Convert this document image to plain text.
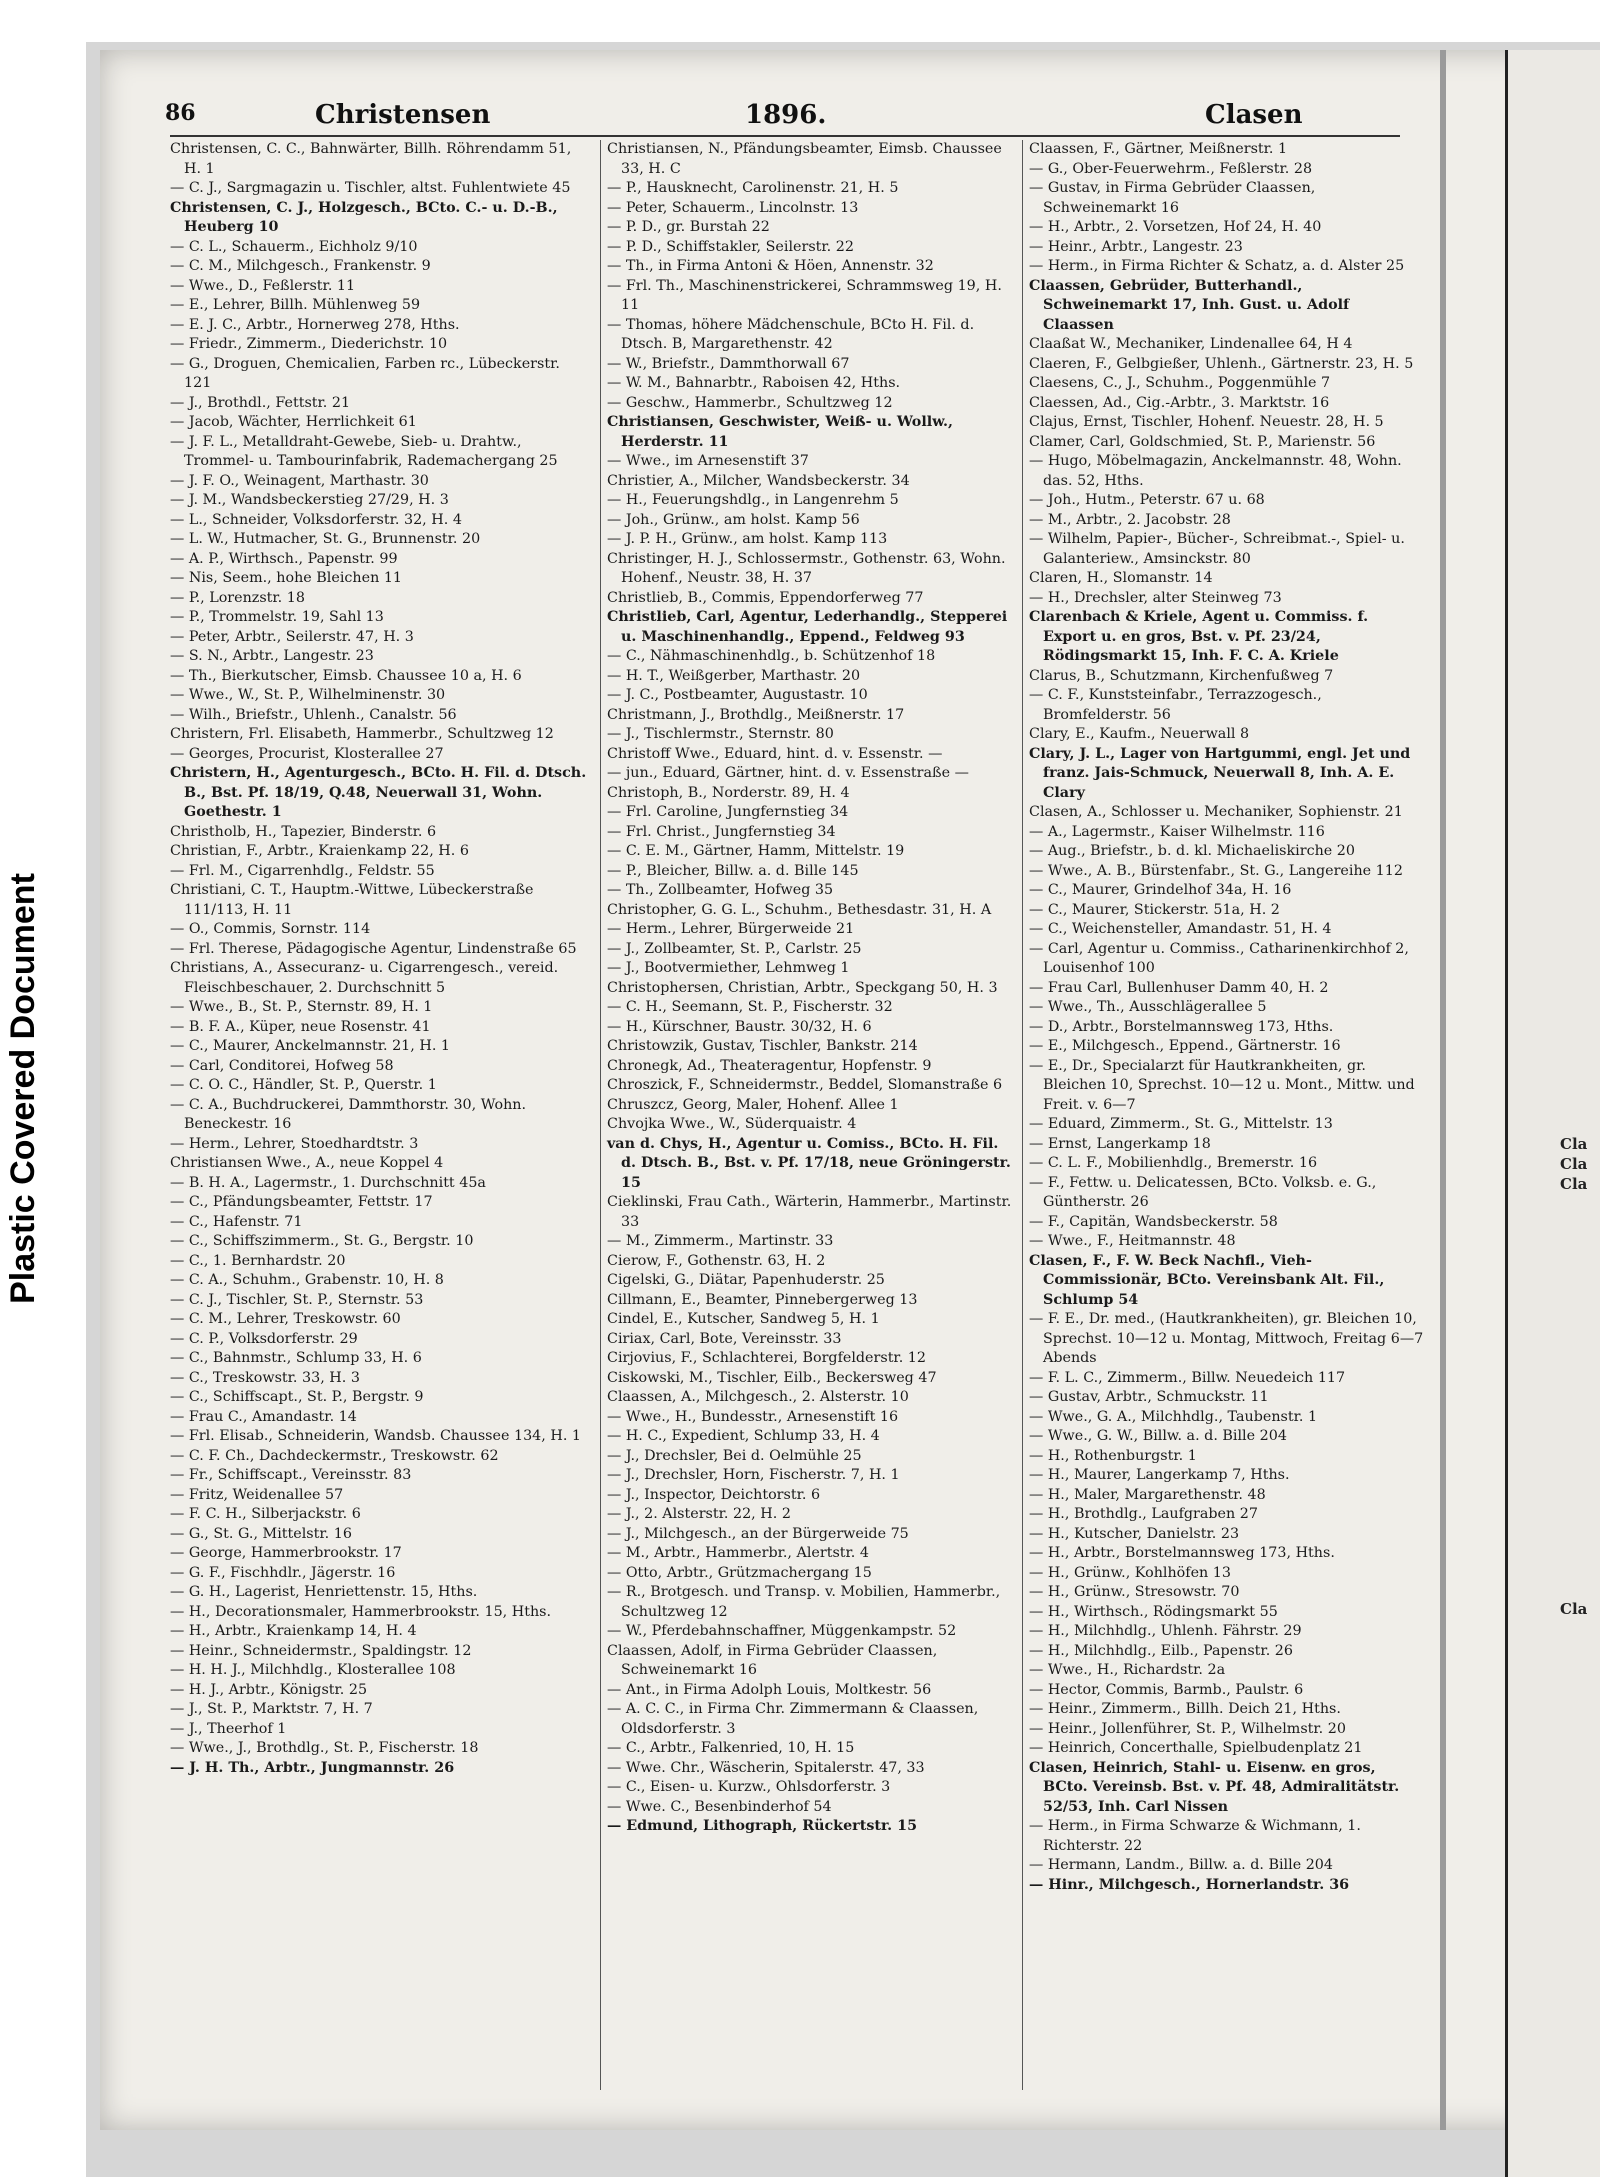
Plastic Covered Document	Cla
Cla
Cla
Cla
86	Christensen	1896.	Clasen
Christensen, C. C., Bahnwärter, Billh. Röhrendamm 51, H. 1
— C. J., Sargmagazin u. Tischler, altst. Fuhlentwiete 45
Christensen, C. J., Holzgesch., BCto. C.- u. D.-B., Heuberg 10
— C. L., Schauerm., Eichholz 9/10
— C. M., Milchgesch., Frankenstr. 9
— Wwe., D., Feßlerstr. 11
— E., Lehrer, Billh. Mühlenweg 59
— E. J. C., Arbtr., Hornerweg 278, Hths.
— Friedr., Zimmerm., Diederichstr. 10
— G., Droguen, Chemicalien, Farben rc., Lübeckerstr. 121
— J., Brothdl., Fettstr. 21
— Jacob, Wächter, Herrlichkeit 61
— J. F. L., Metalldraht-Gewebe, Sieb- u. Drahtw., Trommel- u. Tambourinfabrik, Rademachergang 25
— J. F. O., Weinagent, Marthastr. 30
— J. M., Wandsbeckerstieg 27/29, H. 3
— L., Schneider, Volksdorferstr. 32, H. 4
— L. W., Hutmacher, St. G., Brunnenstr. 20
— A. P., Wirthsch., Papenstr. 99
— Nis, Seem., hohe Bleichen 11
— P., Lorenzstr. 18
— P., Trommelstr. 19, Sahl 13
— Peter, Arbtr., Seilerstr. 47, H. 3
— S. N., Arbtr., Langestr. 23
— Th., Bierkutscher, Eimsb. Chaussee 10 a, H. 6
— Wwe., W., St. P., Wilhelminenstr. 30
— Wilh., Briefstr., Uhlenh., Canalstr. 56
Christern, Frl. Elisabeth, Hammerbr., Schultzweg 12
— Georges, Procurist, Klosterallee 27
Christern, H., Agenturgesch., BCto. H. Fil. d. Dtsch. B., Bst. Pf. 18/19, Q.48, Neuerwall 31, Wohn. Goethestr. 1
Christholb, H., Tapezier, Binderstr. 6
Christian, F., Arbtr., Kraienkamp 22, H. 6
— Frl. M., Cigarrenhdlg., Feldstr. 55
Christiani, C. T., Hauptm.-Wittwe, Lübeckerstraße 111/113, H. 11
— O., Commis, Sornstr. 114
— Frl. Therese, Pädagogische Agentur, Lindenstraße 65
Christians, A., Assecuranz- u. Cigarrengesch., vereid. Fleischbeschauer, 2. Durchschnitt 5
— Wwe., B., St. P., Sternstr. 89, H. 1
— B. F. A., Küper, neue Rosenstr. 41
— C., Maurer, Anckelmannstr. 21, H. 1
— Carl, Conditorei, Hofweg 58
— C. O. C., Händler, St. P., Querstr. 1
— C. A., Buchdruckerei, Dammthorstr. 30, Wohn. Beneckestr. 16
— Herm., Lehrer, Stoedhardtstr. 3
Christiansen Wwe., A., neue Koppel 4
— B. H. A., Lagermstr., 1. Durchschnitt 45a
— C., Pfändungsbeamter, Fettstr. 17
— C., Hafenstr. 71
— C., Schiffszimmerm., St. G., Bergstr. 10
— C., 1. Bernhardstr. 20
— C. A., Schuhm., Grabenstr. 10, H. 8
— C. J., Tischler, St. P., Sternstr. 53
— C. M., Lehrer, Treskowstr. 60
— C. P., Volksdorferstr. 29
— C., Bahnmstr., Schlump 33, H. 6
— C., Treskowstr. 33, H. 3
— C., Schiffscapt., St. P., Bergstr. 9
— Frau C., Amandastr. 14
— Frl. Elisab., Schneiderin, Wandsb. Chaussee 134, H. 1
— C. F. Ch., Dachdeckermstr., Treskowstr. 62
— Fr., Schiffscapt., Vereinsstr. 83
— Fritz, Weidenallee 57
— F. C. H., Silberjackstr. 6
— G., St. G., Mittelstr. 16
— George, Hammerbrookstr. 17
— G. F., Fischhdlr., Jägerstr. 16
— G. H., Lagerist, Henriettenstr. 15, Hths.
— H., Decorationsmaler, Hammerbrookstr. 15, Hths.
— H., Arbtr., Kraienkamp 14, H. 4
— Heinr., Schneidermstr., Spaldingstr. 12
— H. H. J., Milchhdlg., Klosterallee 108
— H. J., Arbtr., Königstr. 25
— J., St. P., Marktstr. 7, H. 7
— J., Theerhof 1
— Wwe., J., Brothdlg., St. P., Fischerstr. 18
— J. H. Th., Arbtr., Jungmannstr. 26
Christiansen, N., Pfändungsbeamter, Eimsb. Chaussee 33, H. C
— P., Hausknecht, Carolinenstr. 21, H. 5
— Peter, Schauerm., Lincolnstr. 13
— P. D., gr. Burstah 22
— P. D., Schiffstakler, Seilerstr. 22
— Th., in Firma Antoni & Höen, Annenstr. 32
— Frl. Th., Maschinenstrickerei, Schrammsweg 19, H. 11
— Thomas, höhere Mädchenschule, BCto H. Fil. d. Dtsch. B, Margarethenstr. 42
— W., Briefstr., Dammthorwall 67
— W. M., Bahnarbtr., Raboisen 42, Hths.
— Geschw., Hammerbr., Schultzweg 12
Christiansen, Geschwister, Weiß- u. Wollw., Herderstr. 11
— Wwe., im Arnesenstift 37
Christier, A., Milcher, Wandsbeckerstr. 34
— H., Feuerungshdlg., in Langenrehm 5
— Joh., Grünw., am holst. Kamp 56
— J. P. H., Grünw., am holst. Kamp 113
Christinger, H. J., Schlossermstr., Gothenstr. 63, Wohn. Hohenf., Neustr. 38, H. 37
Christlieb, B., Commis, Eppendorferweg 77
Christlieb, Carl, Agentur, Lederhandlg., Stepperei u. Maschinenhandlg., Eppend., Feldweg 93
— C., Nähmaschinenhdlg., b. Schützenhof 18
— H. T., Weißgerber, Marthastr. 20
— J. C., Postbeamter, Augustastr. 10
Christmann, J., Brothdlg., Meißnerstr. 17
— J., Tischlermstr., Sternstr. 80
Christoff Wwe., Eduard, hint. d. v. Essenstr. —
— jun., Eduard, Gärtner, hint. d. v. Essenstraße —
Christoph, B., Norderstr. 89, H. 4
— Frl. Caroline, Jungfernstieg 34
— Frl. Christ., Jungfernstieg 34
— C. E. M., Gärtner, Hamm, Mittelstr. 19
— P., Bleicher, Billw. a. d. Bille 145
— Th., Zollbeamter, Hofweg 35
Christopher, G. G. L., Schuhm., Bethesdastr. 31, H. A
— Herm., Lehrer, Bürgerweide 21
— J., Zollbeamter, St. P., Carlstr. 25
— J., Bootvermiether, Lehmweg 1
Christophersen, Christian, Arbtr., Speckgang 50, H. 3
— C. H., Seemann, St. P., Fischerstr. 32
— H., Kürschner, Baustr. 30/32, H. 6
Christowzik, Gustav, Tischler, Bankstr. 214
Chronegk, Ad., Theateragentur, Hopfenstr. 9
Chroszick, F., Schneidermstr., Beddel, Slomanstraße 6
Chruszcz, Georg, Maler, Hohenf. Allee 1
Chvojka Wwe., W., Süderquaistr. 4
van d. Chys, H., Agentur u. Comiss., BCto. H. Fil. d. Dtsch. B., Bst. v. Pf. 17/18, neue Gröningerstr. 15
Cieklinski, Frau Cath., Wärterin, Hammerbr., Martinstr. 33
— M., Zimmerm., Martinstr. 33
Cierow, F., Gothenstr. 63, H. 2
Cigelski, G., Diätar, Papenhuderstr. 25
Cillmann, E., Beamter, Pinnebergerweg 13
Cindel, E., Kutscher, Sandweg 5, H. 1
Ciriax, Carl, Bote, Vereinsstr. 33
Cirjovius, F., Schlachterei, Borgfelderstr. 12
Ciskowski, M., Tischler, Eilb., Beckersweg 47
Claassen, A., Milchgesch., 2. Alsterstr. 10
— Wwe., H., Bundesstr., Arnesenstift 16
— H. C., Expedient, Schlump 33, H. 4
— J., Drechsler, Bei d. Oelmühle 25
— J., Drechsler, Horn, Fischerstr. 7, H. 1
— J., Inspector, Deichtorstr. 6
— J., 2. Alsterstr. 22, H. 2
— J., Milchgesch., an der Bürgerweide 75
— M., Arbtr., Hammerbr., Alertstr. 4
— Otto, Arbtr., Grützmachergang 15
— R., Brotgesch. und Transp. v. Mobilien, Hammerbr., Schultzweg 12
— W., Pferdebahnschaffner, Müggenkampstr. 52
Claassen, Adolf, in Firma Gebrüder Claassen, Schweinemarkt 16
— Ant., in Firma Adolph Louis, Moltkestr. 56
— A. C. C., in Firma Chr. Zimmermann & Claassen, Oldsdorferstr. 3
— C., Arbtr., Falkenried, 10, H. 15
— Wwe. Chr., Wäscherin, Spitalerstr. 47, 33
— C., Eisen- u. Kurzw., Ohlsdorferstr. 3
— Wwe. C., Besenbinderhof 54
— Edmund, Lithograph, Rückertstr. 15
Claassen, F., Gärtner, Meißnerstr. 1
— G., Ober-Feuerwehrm., Feßlerstr. 28
— Gustav, in Firma Gebrüder Claassen, Schweinemarkt 16
— H., Arbtr., 2. Vorsetzen, Hof 24, H. 40
— Heinr., Arbtr., Langestr. 23
— Herm., in Firma Richter & Schatz, a. d. Alster 25
Claassen, Gebrüder, Butterhandl., Schweinemarkt 17, Inh. Gust. u. Adolf Claassen
Claaßat W., Mechaniker, Lindenallee 64, H 4
Claeren, F., Gelbgießer, Uhlenh., Gärtnerstr. 23, H. 5
Claesens, C., J., Schuhm., Poggenmühle 7
Claessen, Ad., Cig.-Arbtr., 3. Marktstr. 16
Clajus, Ernst, Tischler, Hohenf. Neuestr. 28, H. 5
Clamer, Carl, Goldschmied, St. P., Marienstr. 56
— Hugo, Möbelmagazin, Anckelmannstr. 48, Wohn. das. 52, Hths.
— Joh., Hutm., Peterstr. 67 u. 68
— M., Arbtr., 2. Jacobstr. 28
— Wilhelm, Papier-, Bücher-, Schreibmat.-, Spiel- u. Galanteriew., Amsinckstr. 80
Claren, H., Slomanstr. 14
— H., Drechsler, alter Steinweg 73
Clarenbach & Kriele, Agent u. Commiss. f. Export u. en gros, Bst. v. Pf. 23/24, Rödingsmarkt 15, Inh. F. C. A. Kriele
Clarus, B., Schutzmann, Kirchenfußweg 7
— C. F., Kunststeinfabr., Terrazzogesch., Bromfelderstr. 56
Clary, E., Kaufm., Neuerwall 8
Clary, J. L., Lager von Hartgummi, engl. Jet und franz. Jais-Schmuck, Neuerwall 8, Inh. A. E. Clary
Clasen, A., Schlosser u. Mechaniker, Sophienstr. 21
— A., Lagermstr., Kaiser Wilhelmstr. 116
— Aug., Briefstr., b. d. kl. Michaeliskirche 20
— Wwe., A. B., Bürstenfabr., St. G., Langereihe 112
— C., Maurer, Grindelhof 34a, H. 16
— C., Maurer, Stickerstr. 51a, H. 2
— C., Weichensteller, Amandastr. 51, H. 4
— Carl, Agentur u. Commiss., Catharinenkirchhof 2, Louisenhof 100
— Frau Carl, Bullenhuser Damm 40, H. 2
— Wwe., Th., Ausschlägerallee 5
— D., Arbtr., Borstelmannsweg 173, Hths.
— E., Milchgesch., Eppend., Gärtnerstr. 16
— E., Dr., Specialarzt für Hautkrankheiten, gr. Bleichen 10, Sprechst. 10—12 u. Mont., Mittw. und Freit. v. 6—7
— Eduard, Zimmerm., St. G., Mittelstr. 13
— Ernst, Langerkamp 18
— C. L. F., Mobilienhdlg., Bremerstr. 16
— F., Fettw. u. Delicatessen, BCto. Volksb. e. G., Güntherstr. 26
— F., Capitän, Wandsbeckerstr. 58
— Wwe., F., Heitmannstr. 48
Clasen, F., F. W. Beck Nachfl., Vieh-Commissionär, BCto. Vereinsbank Alt. Fil., Schlump 54
— F. E., Dr. med., (Hautkrankheiten), gr. Bleichen 10, Sprechst. 10—12 u. Montag, Mittwoch, Freitag 6—7 Abends
— F. L. C., Zimmerm., Billw. Neuedeich 117
— Gustav, Arbtr., Schmuckstr. 11
— Wwe., G. A., Milchhdlg., Taubenstr. 1
— Wwe., G. W., Billw. a. d. Bille 204
— H., Rothenburgstr. 1
— H., Maurer, Langerkamp 7, Hths.
— H., Maler, Margarethenstr. 48
— H., Brothdlg., Laufgraben 27
— H., Kutscher, Danielstr. 23
— H., Arbtr., Borstelmannsweg 173, Hths.
— H., Grünw., Kohlhöfen 13
— H., Grünw., Stresowstr. 70
— H., Wirthsch., Rödingsmarkt 55
— H., Milchhdlg., Uhlenh. Fährstr. 29
— H., Milchhdlg., Eilb., Papenstr. 26
— Wwe., H., Richardstr. 2a
— Hector, Commis, Barmb., Paulstr. 6
— Heinr., Zimmerm., Billh. Deich 21, Hths.
— Heinr., Jollenführer, St. P., Wilhelmstr. 20
— Heinrich, Concerthalle, Spielbudenplatz 21
Clasen, Heinrich, Stahl- u. Eisenw. en gros, BCto. Vereinsb. Bst. v. Pf. 48, Admiralitätstr. 52/53, Inh. Carl Nissen
— Herm., in Firma Schwarze & Wichmann, 1. Richterstr. 22
— Hermann, Landm., Billw. a. d. Bille 204
— Hinr., Milchgesch., Hornerlandstr. 36
